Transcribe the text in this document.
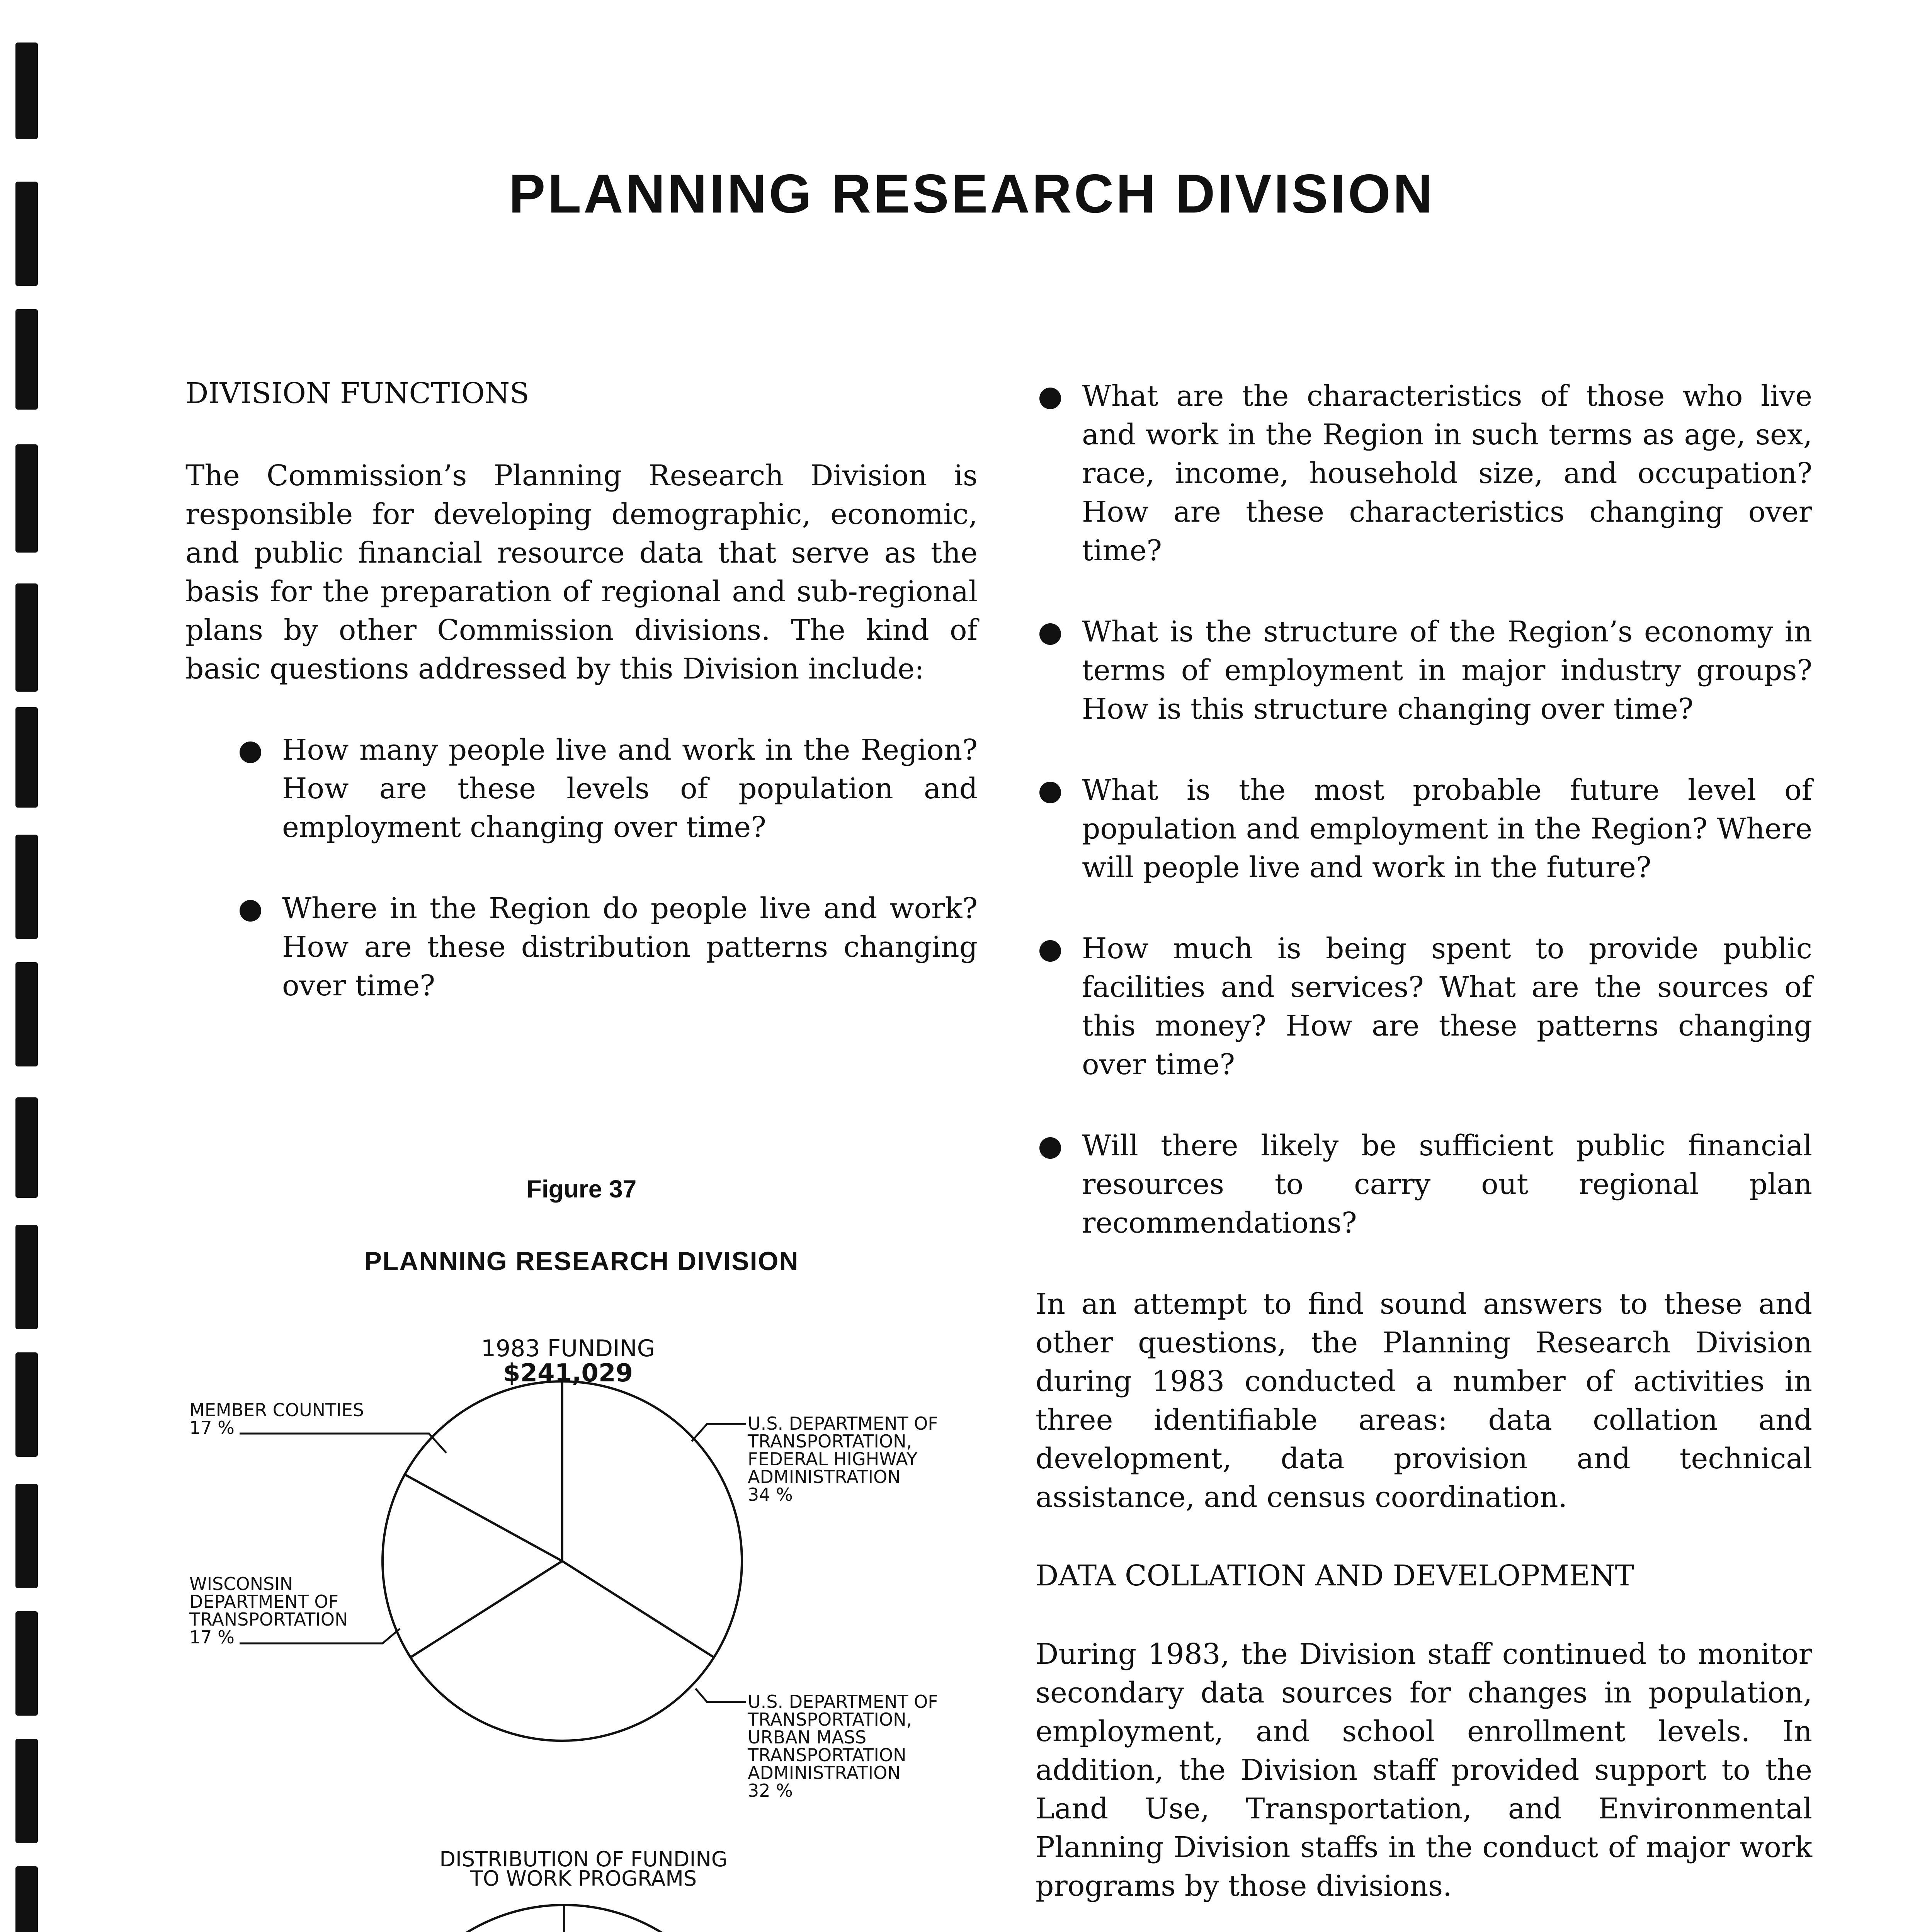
PLANNING RESEARCH DIVISION

DIVISION FUNCTIONS

The Commission’s Planning Research Division is responsible for developing demographic, economic, and public financial resource data that serve as the basis for the preparation of regional and sub-regional plans by other Commission divisions. The kind of basic questions addressed by this Division include:

How many people live and work in the Region? How are these levels of population and employment changing over time?
Where in the Region do people live and work? How are these distribution patterns changing over time?
Figure 37
PLANNING RESEARCH DIVISION
1983 FUNDING
$241,029
U.S. DEPARTMENT OF
TRANSPORTATION,
FEDERAL HIGHWAY
ADMINISTRATION
34 %
U.S. DEPARTMENT OF
TRANSPORTATION,
URBAN MASS
TRANSPORTATION
ADMINISTRATION
32 %
WISCONSIN
DEPARTMENT OF
TRANSPORTATION
17 %
MEMBER COUNTIES
17 %
DISTRIBUTION OF FUNDING
TO WORK PROGRAMS
What are the characteristics of those who live and work in the Region in such terms as age, sex, race, income, household size, and occupation? How are these characteristics changing over time?
What is the structure of the Region’s economy in terms of employment in major industry groups? How is this structure changing over time?
What is the most probable future level of population and employment in the Region? Where will people live and work in the future?
How much is being spent to provide public facilities and services? What are the sources of this money? How are these patterns changing over time?
Will there likely be sufficient public financial resources to carry out regional plan recommendations?

In an attempt to find sound answers to these and other questions, the Planning Research Division during 1983 conducted a number of activities in three identifiable areas: data collation and development, data provision and technical assistance, and census coordination.

DATA COLLATION AND DEVELOPMENT

During 1983, the Division staff continued to monitor secondary data sources for changes in population, employment, and school enrollment levels. In addition, the Division staff provided support to the Land Use, Transportation, and Environmental Planning Division staffs in the conduct of major work programs by those divisions.
